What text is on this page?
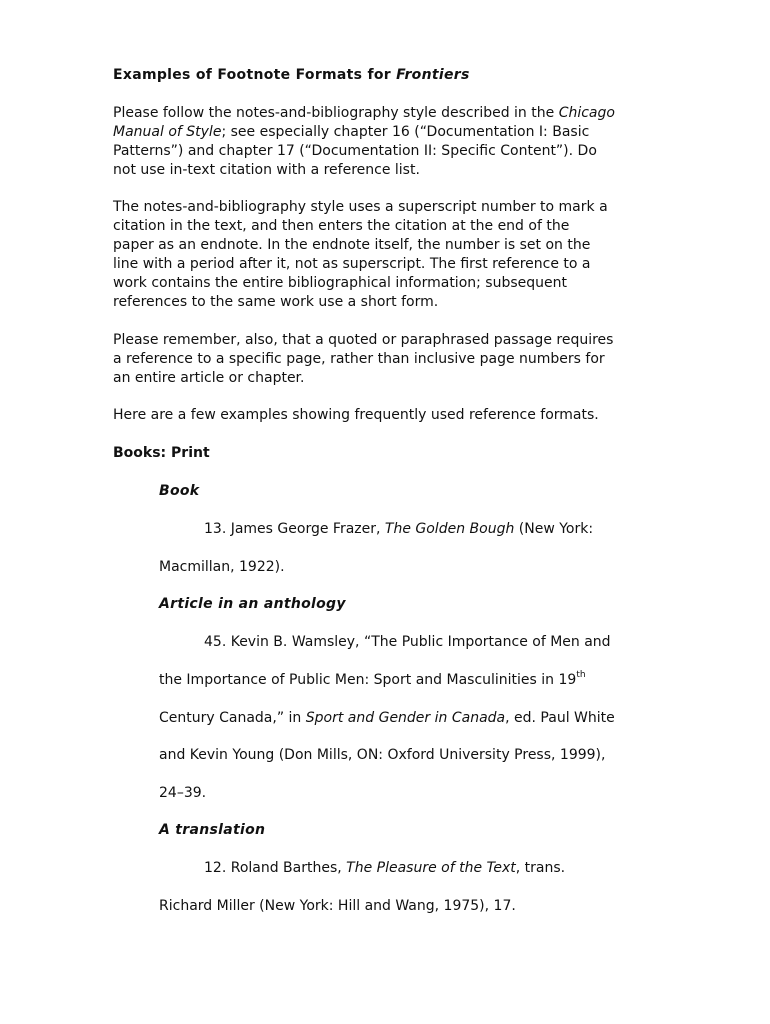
Examples of Footnote Formats for Frontiers

Please follow the notes-and-bibliography style described in the Chicago
Manual of Style; see especially chapter 16 (“Documentation I: Basic
Patterns”) and chapter 17 (“Documentation II: Specific Content”). Do
not use in-text citation with a reference list.

The notes-and-bibliography style uses a superscript number to mark a
citation in the text, and then enters the citation at the end of the
paper as an endnote. In the endnote itself, the number is set on the
line with a period after it, not as superscript. The first reference to a
work contains the entire bibliographical information; subsequent
references to the same work use a short form.

Please remember, also, that a quoted or paraphrased passage requires
a reference to a specific page, rather than inclusive page numbers for
an entire article or chapter.

Here are a few examples showing frequently used reference formats.

Books: Print

Book

13. James George Frazer, The Golden Bough (New York:
Macmillan, 1922).

Article in an anthology

45. Kevin B. Wamsley, “The Public Importance of Men and
the Importance of Public Men: Sport and Masculinities in 19th
Century Canada,” in Sport and Gender in Canada, ed. Paul White
and Kevin Young (Don Mills, ON: Oxford University Press, 1999),
24–39.

A translation

12. Roland Barthes, The Pleasure of the Text, trans.
Richard Miller (New York: Hill and Wang, 1975), 17.
